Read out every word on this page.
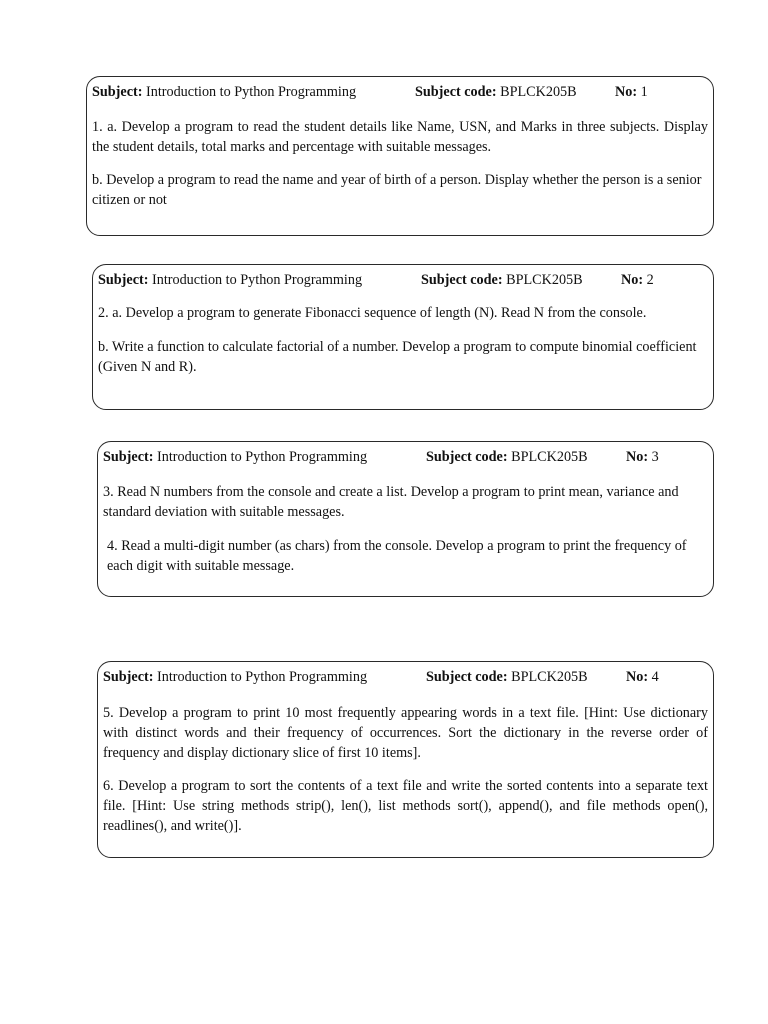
Subject: Introduction to Python Programming	Subject code: BPLCK205B	No: 1

1. a. Develop a program to read the student details like Name, USN, and Marks in three subjects. Display the student details, total marks and percentage with suitable messages.

b. Develop a program to read the name and year of birth of a person. Display whether the person is a senior citizen or not

Subject: Introduction to Python Programming	Subject code: BPLCK205B	No: 2

2. a. Develop a program to generate Fibonacci sequence of length (N). Read N from the console.

b. Write a function to calculate factorial of a number. Develop a program to compute binomial coefficient (Given N and R).

Subject: Introduction to Python Programming	Subject code: BPLCK205B	No: 3

3. Read N numbers from the console and create a list. Develop a program to print mean, variance and standard deviation with suitable messages.

4. Read a multi-digit number (as chars) from the console. Develop a program to print the frequency of each digit with suitable message.

Subject: Introduction to Python Programming	Subject code: BPLCK205B	No: 4

5. Develop a program to print 10 most frequently appearing words in a text file. [Hint: Use dictionary with distinct words and their frequency of occurrences. Sort the dictionary in the reverse order of frequency and display dictionary slice of first 10 items].

6. Develop a program to sort the contents of a text file and write the sorted contents into a separate text file. [Hint: Use string methods strip(), len(), list methods sort(), append(), and file methods open(), readlines(), and write()].
